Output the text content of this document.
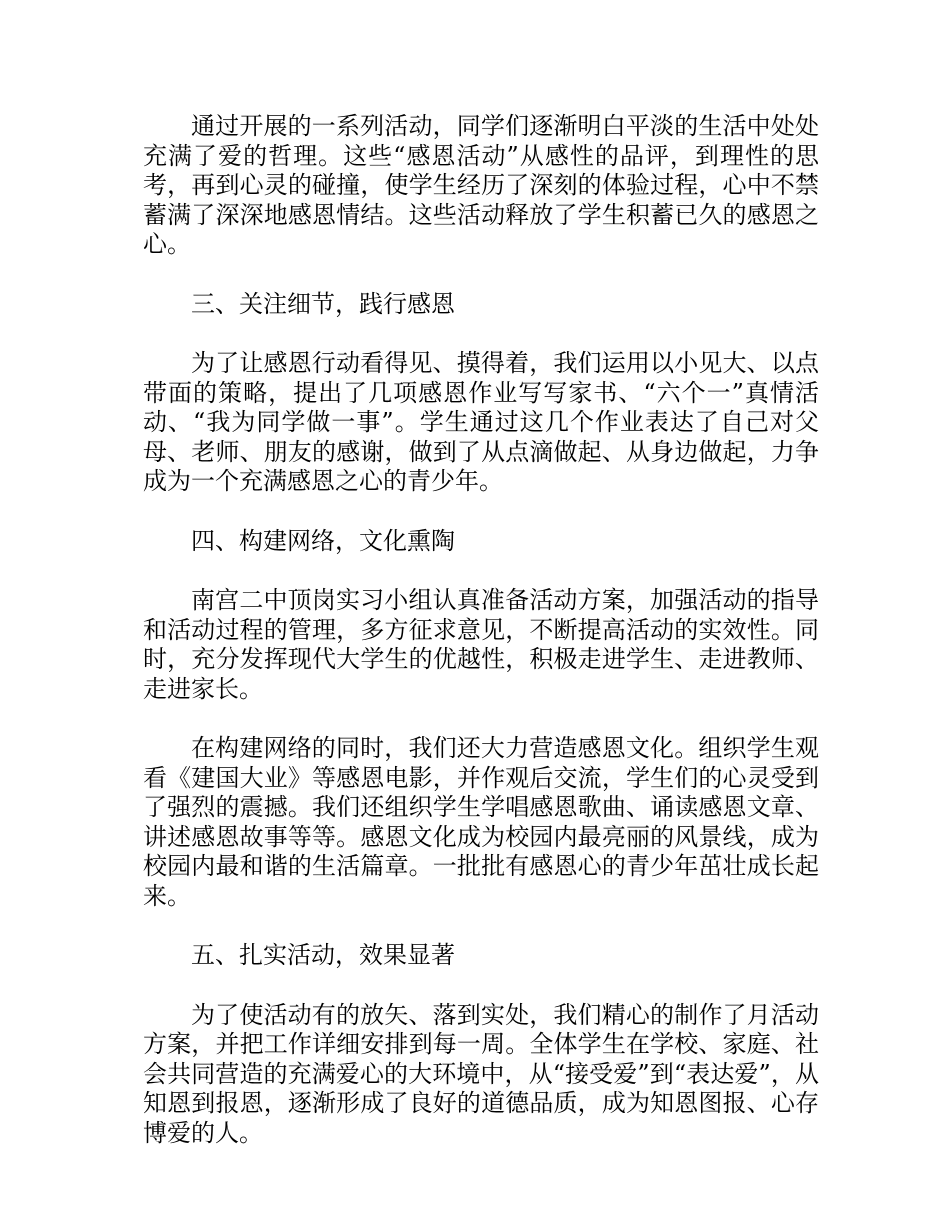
通过开展的一系列活动，同学们逐渐明白平淡的生活中处处充满了爱的哲理。这些“感恩活动”从感性的品评，到理性的思考，再到心灵的碰撞，使学生经历了深刻的体验过程，心中不禁蓄满了深深地感恩情结。这些活动释放了学生积蓄已久的感恩之心。

三、关注细节，践行感恩

为了让感恩行动看得见、摸得着，我们运用以小见大、以点带面的策略，提出了几项感恩作业写写家书、“六个一”真情活动、“我为同学做一事”。学生通过这几个作业表达了自己对父母、老师、朋友的感谢，做到了从点滴做起、从身边做起，力争成为一个充满感恩之心的青少年。

四、构建网络，文化熏陶

南宫二中顶岗实习小组认真准备活动方案，加强活动的指导和活动过程的管理，多方征求意见，不断提高活动的实效性。同时，充分发挥现代大学生的优越性，积极走进学生、走进教师、走进家长。

在构建网络的同时，我们还大力营造感恩文化。组织学生观看《建国大业》等感恩电影，并作观后交流，学生们的心灵受到了强烈的震撼。我们还组织学生学唱感恩歌曲、诵读感恩文章、讲述感恩故事等等。感恩文化成为校园内最亮丽的风景线，成为校园内最和谐的生活篇章。一批批有感恩心的青少年茁壮成长起来。

五、扎实活动，效果显著

为了使活动有的放矢、落到实处，我们精心的制作了月活动方案，并把工作详细安排到每一周。全体学生在学校、家庭、社会共同营造的充满爱心的大环境中，从“接受爱”到“表达爱”，从知恩到报恩，逐渐形成了良好的道德品质，成为知恩图报、心存博爱的人。
